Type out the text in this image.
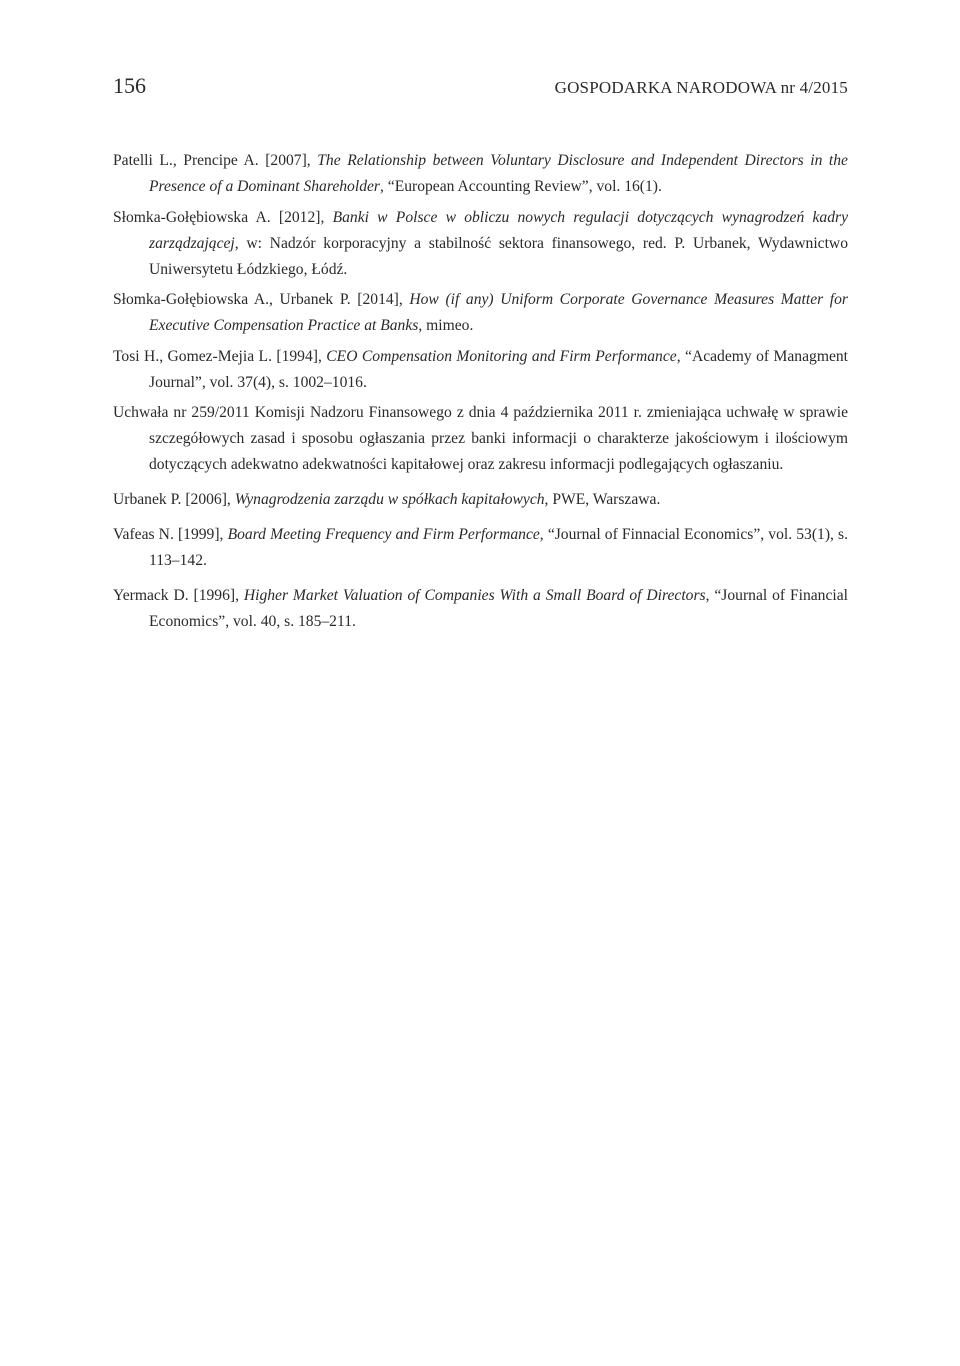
156	GOSPODARKA NARODOWA nr 4/2015
Patelli L., Prencipe A. [2007], The Relationship between Voluntary Disclosure and Independent Directors in the Presence of a Dominant Shareholder, “European Accounting Review”, vol. 16(1).
Słomka-Gołębiowska A. [2012], Banki w Polsce w obliczu nowych regulacji dotyczących wynagrodzeń kadry zarządzającej, w: Nadzór korporacyjny a stabilność sektora finansowego, red. P. Urbanek, Wydawnictwo Uniwersytetu Łódzkiego, Łódź.
Słomka-Gołębiowska A., Urbanek P. [2014], How (if any) Uniform Corporate Governance Measures Matter for Executive Compensation Practice at Banks, mimeo.
Tosi H., Gomez-Mejia L. [1994], CEO Compensation Monitoring and Firm Performance, “Academy of Managment Journal”, vol. 37(4), s. 1002–1016.
Uchwała nr 259/2011 Komisji Nadzoru Finansowego z dnia 4 października 2011 r. zmieniająca uchwałę w sprawie szczegółowych zasad i sposobu ogłaszania przez banki informacji o charakterze jakościowym i ilościowym dotyczących adekwatno adekwatności kapitałowej oraz zakresu informacji podlegających ogłaszaniu.
Urbanek P. [2006], Wynagrodzenia zarządu w spółkach kapitałowych, PWE, Warszawa.
Vafeas N. [1999], Board Meeting Frequency and Firm Performance, “Journal of Finnacial Economics”, vol. 53(1), s. 113–142.
Yermack D. [1996], Higher Market Valuation of Companies With a Small Board of Directors, “Journal of Financial Economics”, vol. 40, s. 185–211.
